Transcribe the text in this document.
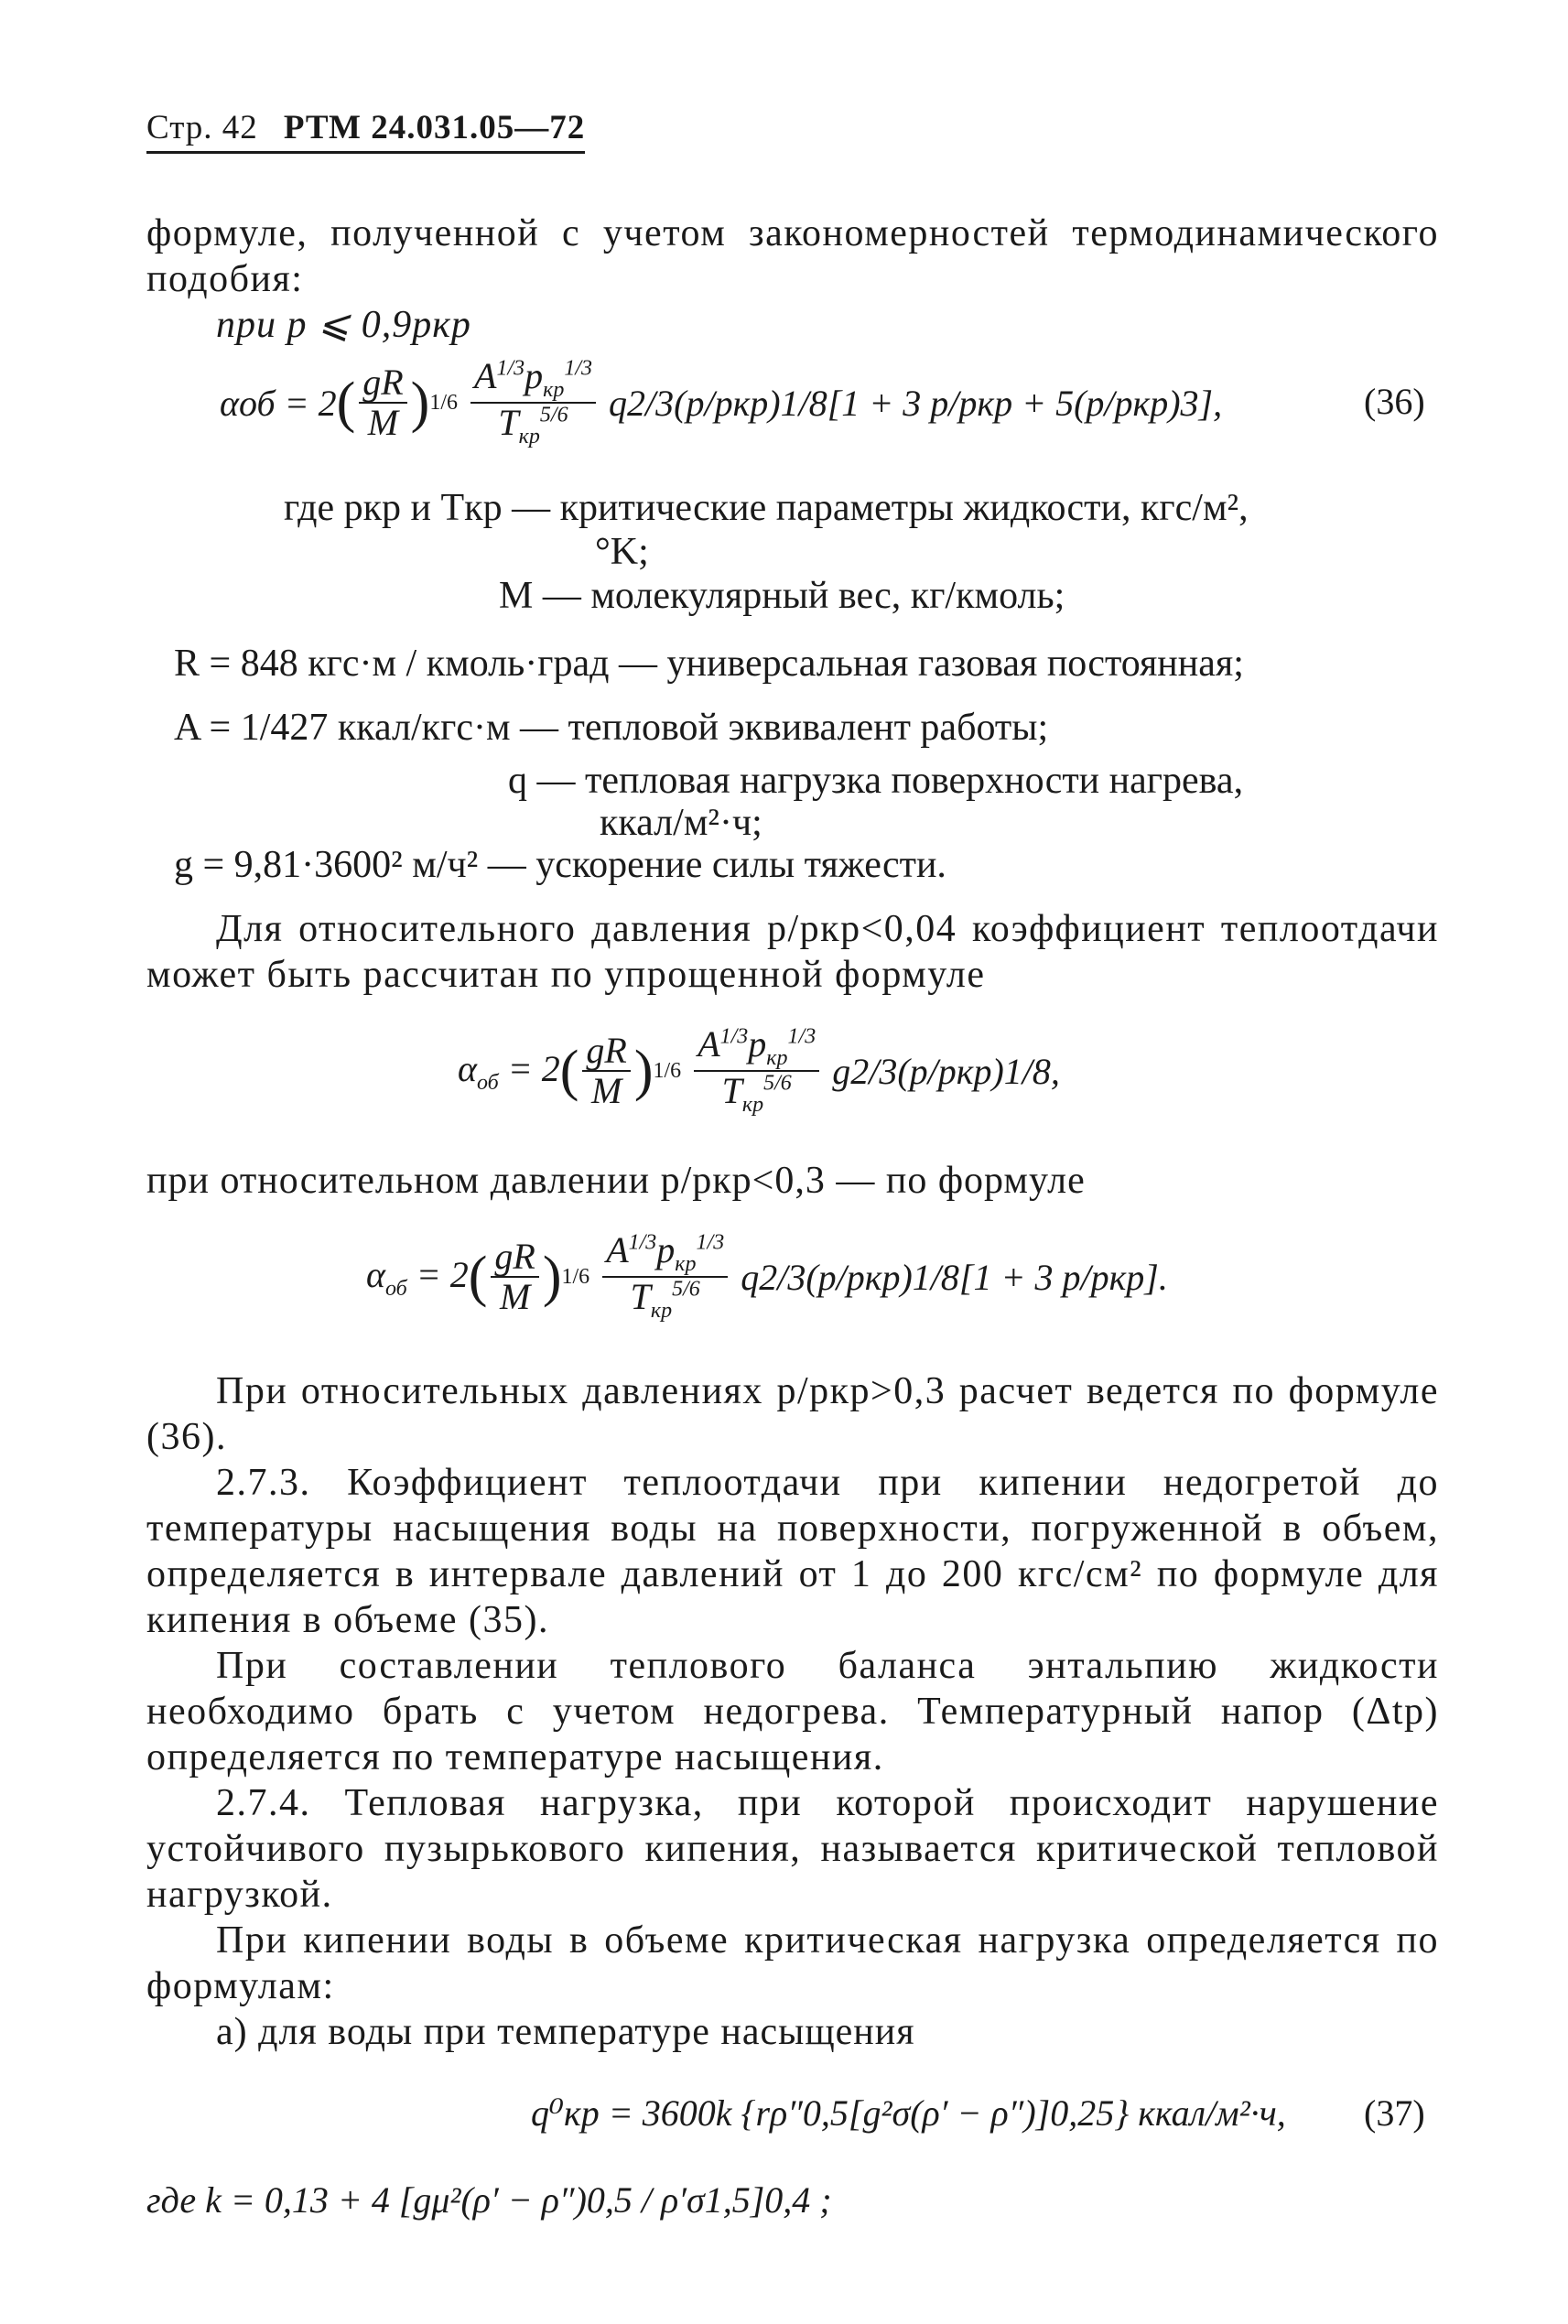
Стр. 42 РТМ 24.031.05—72

формуле, полученной с учетом закономерностей термодинамического подобия:

при p ⩽ 0,9pкр
αоб = 2 ( $\frac{gR}{M}$ ) $1/6 \frac{A^{1/3}p_{кр}^{1/3}}{T_{кр}^{5/6}} q2/3(p/pкр)1/8[1 + 3$ p/pкр + 5(p/pкр)3],	(36)
где pкр и Tкр — критические параметры жидкости, кгс/м²,
°K;
M — молекулярный вес, кг/кмоль;
R = 848 кгс·м / кмоль·град — универсальная газовая постоянная;
A = 1/427 ккал/кгс·м — тепловой эквивалент работы;
q — тепловая нагрузка поверхности нагрева,
ккал/м²·ч;
g = 9,81·3600² м/ч² — ускорение силы тяжести.

Для относительного давления p/pкр<0,04 коэффициент теплоотдачи может быть рассчитан по упрощенной формуле

$\alpha_{об} = 2$ ( $\frac{gR}{M}$ ) $1/6 \frac{A^{1/3}p_{кр}^{1/3}}{T_{кр}^{5/6}} g2/3(p/pкр)1/8$,
при относительном давлении p/pкр<0,3 — по формуле
$\alpha_{об} = 2$ ( $\frac{gR}{M}$ ) $1/6 \frac{A^{1/3}p_{кр}^{1/3}}{T_{кр}^{5/6}} q2/3(p/pкр)1/8[1 + 3$ p/pкр].

При относительных давлениях p/pкр>0,3 расчет ведется по формуле (36).

2.7.3. Коэффициент теплоотдачи при кипении недогретой до температуры насыщения воды на поверхности, погруженной в объем, определяется в интервале давлений от 1 до 200 кгс/см² по формуле для кипения в объеме (35).

При составлении теплового баланса энтальпию жидкости необходимо брать с учетом недогрева. Температурный напор (Δtр) определяется по температуре насыщения.

2.7.4. Тепловая нагрузка, при которой происходит нарушение устойчивого пузырькового кипения, называется критической тепловой нагрузкой.

При кипении воды в объеме критическая нагрузка определяется по формулам:

а) для воды при температуре насыщения
q⁰кр = 3600k {rρ″0,5[g²σ(ρ′ − ρ″)]0,25} ккал/м²·ч, (37)
где k = 0,13 + 4 [gμ²(ρ′ − ρ″)0,5 / ρ′σ1,5]0,4 ;
